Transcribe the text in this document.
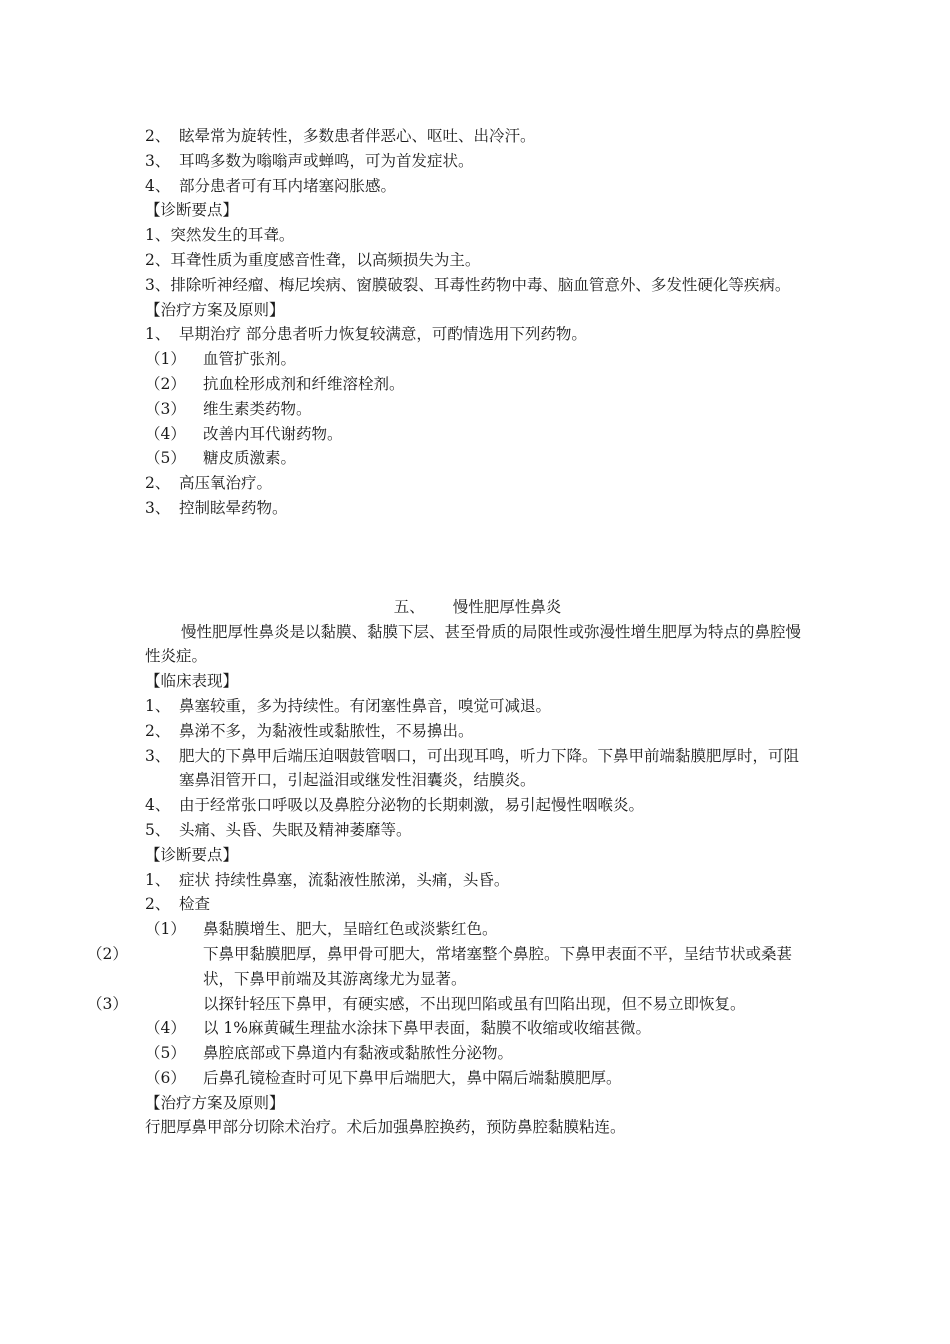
2、 眩晕常为旋转性，多数患者伴恶心、呕吐、出冷汗。
3、 耳鸣多数为嗡嗡声或蝉鸣，可为首发症状。
4、 部分患者可有耳内堵塞闷胀感。
【诊断要点】
1、突然发生的耳聋。
2、耳聋性质为重度感音性聋，以高频损失为主。
3、排除听神经瘤、梅尼埃病、窗膜破裂、耳毒性药物中毒、脑血管意外、多发性硬化等疾病。
【治疗方案及原则】
1、 早期治疗 部分患者听力恢复较满意，可酌情选用下列药物。
（1） 血管扩张剂。
（2） 抗血栓形成剂和纤维溶栓剂。
（3） 维生素类药物。
（4） 改善内耳代谢药物。
（5） 糖皮质激素。
2、 高压氧治疗。
3、 控制眩晕药物。
五、 慢性肥厚性鼻炎
慢性肥厚性鼻炎是以黏膜、黏膜下层、甚至骨质的局限性或弥漫性增生肥厚为特点的鼻腔慢性炎症。
【临床表现】
1、 鼻塞较重，多为持续性。有闭塞性鼻音，嗅觉可减退。
2、 鼻涕不多，为黏液性或黏脓性，不易擤出。
3、 肥大的下鼻甲后端压迫咽鼓管咽口，可出现耳鸣，听力下降。下鼻甲前端黏膜肥厚时，可阻塞鼻泪管开口，引起溢泪或继发性泪囊炎，结膜炎。
4、 由于经常张口呼吸以及鼻腔分泌物的长期刺激，易引起慢性咽喉炎。
5、 头痛、头昏、失眠及精神萎靡等。
【诊断要点】
1、 症状 持续性鼻塞，流黏液性脓涕，头痛，头昏。
2、 检查
（1） 鼻黏膜增生、肥大，呈暗红色或淡紫红色。
（2）	下鼻甲黏膜肥厚，鼻甲骨可肥大，常堵塞整个鼻腔。下鼻甲表面不平，呈结节状或桑葚状，下鼻甲前端及其游离缘尤为显著。
（3）	以探针轻压下鼻甲，有硬实感，不出现凹陷或虽有凹陷出现，但不易立即恢复。
（4） 以 1%麻黄碱生理盐水涂抹下鼻甲表面，黏膜不收缩或收缩甚微。
（5） 鼻腔底部或下鼻道内有黏液或黏脓性分泌物。
（6） 后鼻孔镜检查时可见下鼻甲后端肥大，鼻中隔后端黏膜肥厚。
【治疗方案及原则】
行肥厚鼻甲部分切除术治疗。术后加强鼻腔换药，预防鼻腔黏膜粘连。
